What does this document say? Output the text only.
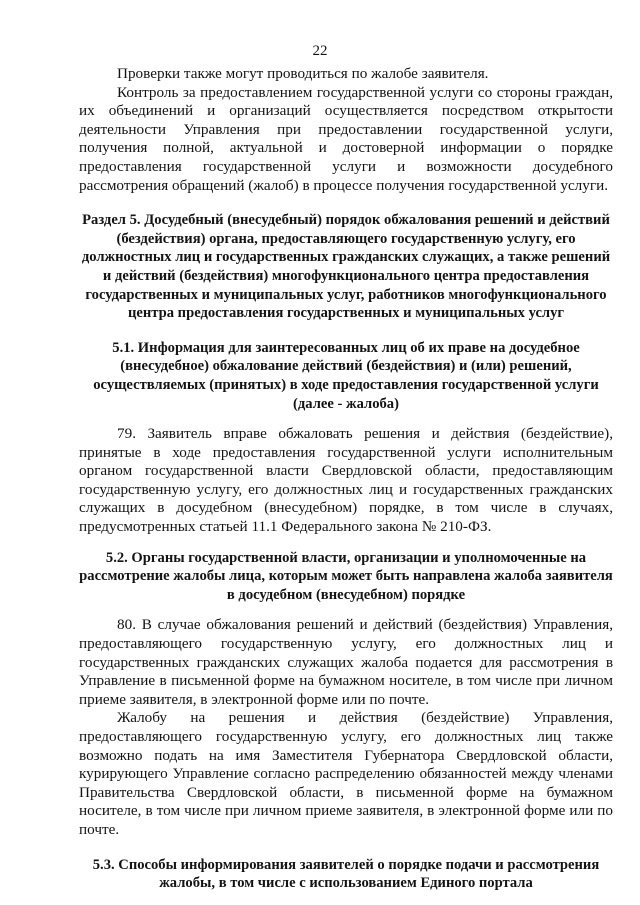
22

Проверки также могут проводиться по жалобе заявителя.

Контроль за предоставлением государственной услуги со стороны граждан, их объединений и организаций осуществляется посредством открытости деятельности Управления при предоставлении государственной услуги, получения полной, актуальной и достоверной информации о порядке предоставления государственной услуги и возможности досудебного рассмотрения обращений (жалоб) в процессе получения государственной услуги.

Раздел 5. Досудебный (внесудебный) порядок обжалования решений и действий (бездействия) органа, предоставляющего государственную услугу, его должностных лиц и государственных гражданских служащих, а также решений и действий (бездействия) многофункционального центра предоставления государственных и муниципальных услуг, работников многофункционального центра предоставления государственных и муниципальных услуг

5.1. Информация для заинтересованных лиц об их праве на досудебное (внесудебное) обжалование действий (бездействия) и (или) решений, осуществляемых (принятых) в ходе предоставления государственной услуги (далее - жалоба)

79. Заявитель вправе обжаловать решения и действия (бездействие), принятые в ходе предоставления государственной услуги исполнительным органом государственной власти Свердловской области, предоставляющим государственную услугу, его должностных лиц и государственных гражданских служащих в досудебном (внесудебном) порядке, в том числе в случаях, предусмотренных статьей 11.1 Федерального закона № 210-ФЗ.

5.2. Органы государственной власти, организации и уполномоченные на рассмотрение жалобы лица, которым может быть направлена жалоба заявителя в досудебном (внесудебном) порядке

80. В случае обжалования решений и действий (бездействия) Управления, предоставляющего государственную услугу, его должностных лиц и государственных гражданских служащих жалоба подается для рассмотрения в Управление в письменной форме на бумажном носителе, в том числе при личном приеме заявителя, в электронной форме или по почте.

Жалобу на решения и действия (бездействие) Управления, предоставляющего государственную услугу, его должностных лиц также возможно подать на имя Заместителя Губернатора Свердловской области, курирующего Управление согласно распределению обязанностей между членами Правительства Свердловской области, в письменной форме на бумажном носителе, в том числе при личном приеме заявителя, в электронной форме или по почте.

5.3. Способы информирования заявителей о порядке подачи и рассмотрения жалобы, в том числе с использованием Единого портала
